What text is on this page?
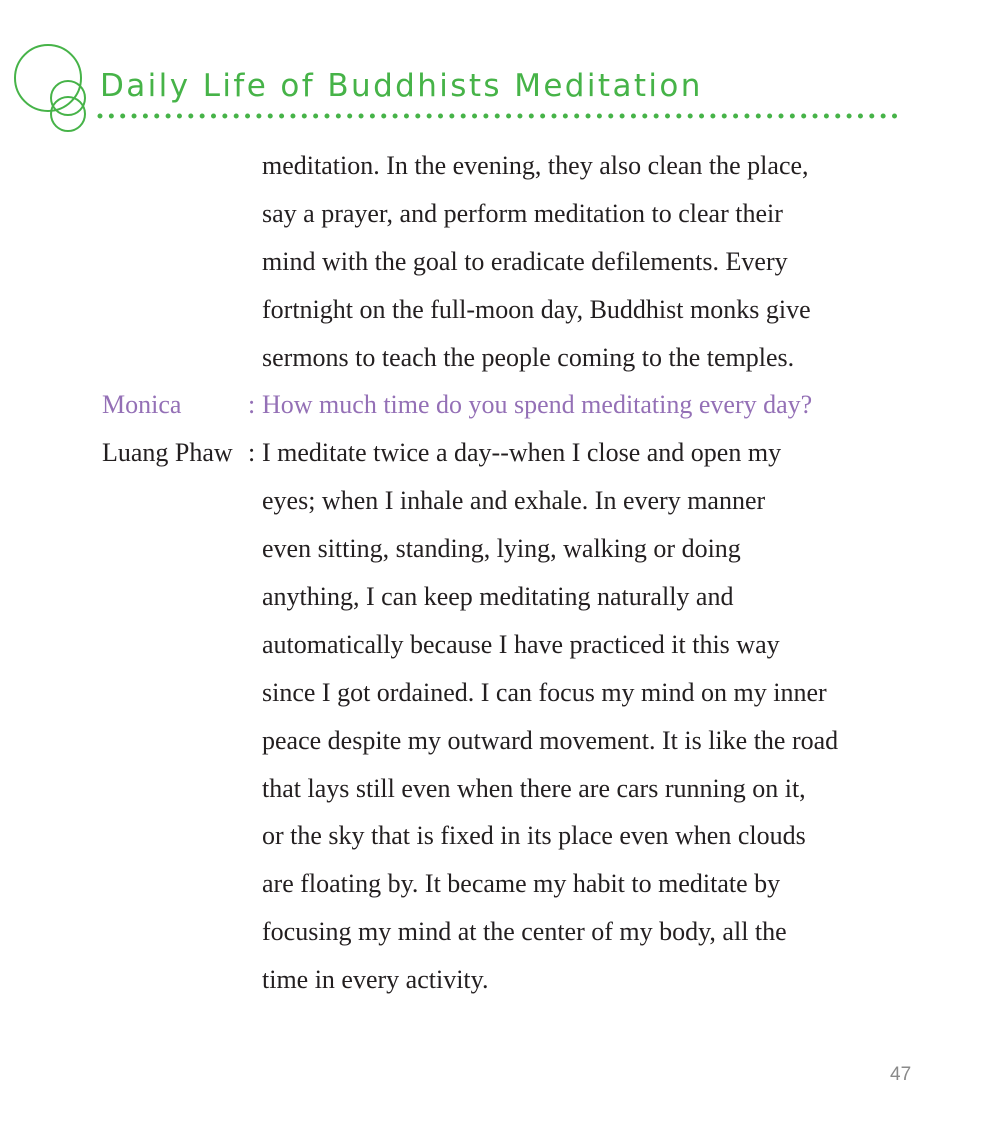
Daily Life of Buddhists Meditation
meditation. In the evening, they also clean the place,
say a prayer, and perform meditation to clear their
mind with the goal to eradicate defilements. Every
fortnight on the full-moon day, Buddhist monks give
sermons to teach the people coming to the temples.
Monica	: How much time do you spend meditating every day?
Luang Phaw : I meditate twice a day--when I close and open my
eyes; when I inhale and exhale. In every manner
even sitting, standing, lying, walking or doing
anything, I can keep meditating naturally and
automatically because I have practiced it this way
since I got ordained. I can focus my mind on my inner
peace despite my outward movement. It is like the road
that lays still even when there are cars running on it,
or the sky that is fixed in its place even when clouds
are floating by. It became my habit to meditate by
focusing my mind at the center of my body, all the
time in every activity.
47
